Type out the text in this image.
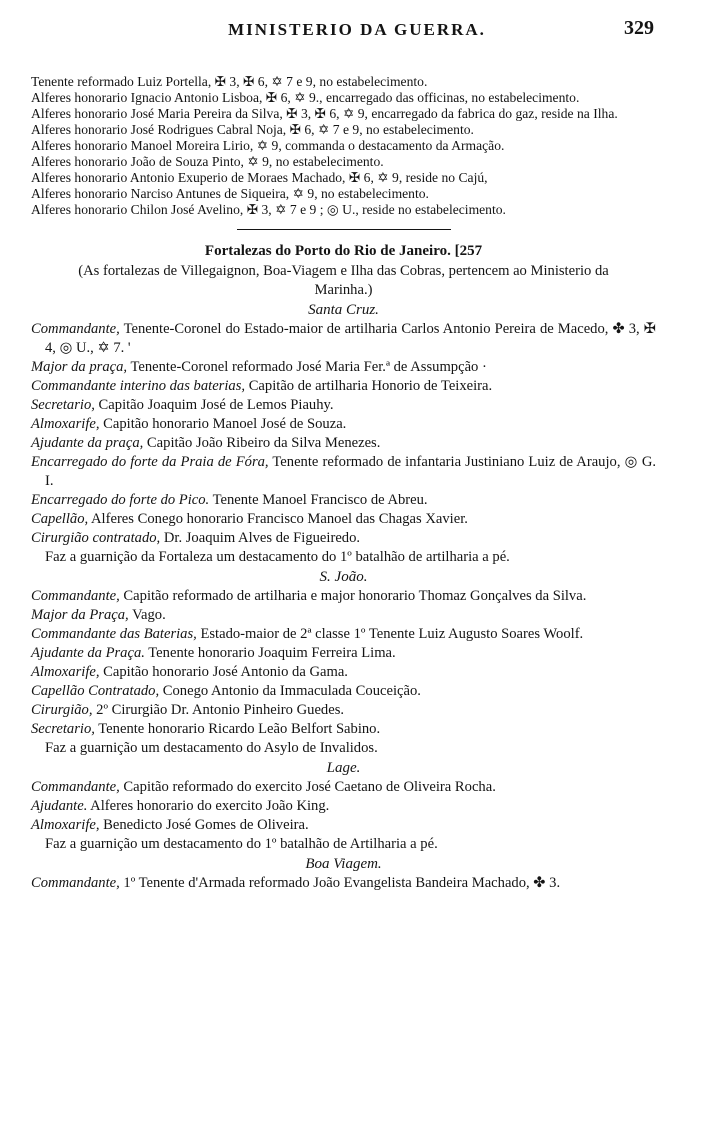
MINISTERIO DA GUERRA.	329

Tenente reformado Luiz Portella, ✠ 3, ✠ 6, ✡ 7 e 9, no estabelecimento.

Alferes honorario Ignacio Antonio Lisboa, ✠ 6, ✡ 9., encarregado das officinas, no estabelecimento.

Alferes honorario José Maria Pereira da Silva, ✠ 3, ✠ 6, ✡ 9, encarregado da fabrica do gaz, reside na Ilha.

Alferes honorario José Rodrigues Cabral Noja, ✠ 6, ✡ 7 e 9, no estabelecimento.

Alferes honorario Manoel Moreira Lirio, ✡ 9, commanda o destacamento da Armação.

Alferes honorario João de Souza Pinto, ✡ 9, no estabelecimento.

Alferes honorario Antonio Exuperio de Moraes Machado, ✠ 6, ✡ 9, reside no Cajú,

Alferes honorario Narciso Antunes de Siqueira, ✡ 9, no estabelecimento.

Alferes honorario Chilon José Avelino, ✠ 3, ✡ 7 e 9 ; ◎ U., reside no estabelecimento.

Fortalezas do Porto do Rio de Janeiro. [257

(As fortalezas de Villegaignon, Boa-Viagem e Ilha das Cobras, pertencem ao Ministerio da Marinha.)

Santa Cruz.

Commandante, Tenente-Coronel do Estado-maior de artilharia Carlos Antonio Pereira de Macedo, ✤ 3, ✠ 4, ◎ U., ✡ 7. '

Major da praça, Tenente-Coronel reformado José Maria Fer.ª de Assumpção ·

Commandante interino das baterias, Capitão de artilharia Honorio de Teixeira.

Secretario, Capitão Joaquim José de Lemos Piauhy.

Almoxarife, Capitão honorario Manoel José de Souza.

Ajudante da praça, Capitão João Ribeiro da Silva Menezes.

Encarregado do forte da Praia de Fóra, Tenente reformado de infantaria Justiniano Luiz de Araujo, ◎ G. I.

Encarregado do forte do Pico. Tenente Manoel Francisco de Abreu.

Capellão, Alferes Conego honorario Francisco Manoel das Chagas Xavier.

Cirurgião contratado, Dr. Joaquim Alves de Figueiredo.

Faz a guarnição da Fortaleza um destacamento do 1º batalhão de artilharia a pé.

S. João.

Commandante, Capitão reformado de artilharia e major honorario Thomaz Gonçalves da Silva.

Major da Praça, Vago.

Commandante das Baterias, Estado-maior de 2ª classe 1º Tenente Luiz Augusto Soares Woolf.

Ajudante da Praça. Tenente honorario Joaquim Ferreira Lima.

Almoxarife, Capitão honorario José Antonio da Gama.

Capellão Contratado, Conego Antonio da Immaculada Couceição.

Cirurgião, 2º Cirurgião Dr. Antonio Pinheiro Guedes.

Secretario, Tenente honorario Ricardo Leão Belfort Sabino.

Faz a guarnição um destacamento do Asylo de Invalidos.

Lage.

Commandante, Capitão reformado do exercito José Caetano de Oliveira Rocha.

Ajudante. Alferes honorario do exercito João King.

Almoxarife, Benedicto José Gomes de Oliveira.

Faz a guarnição um destacamento do 1º batalhão de Artilharia a pé.

Boa Viagem.

Commandante, 1º Tenente d'Armada reformado João Evangelista Bandeira Machado, ✤ 3.
